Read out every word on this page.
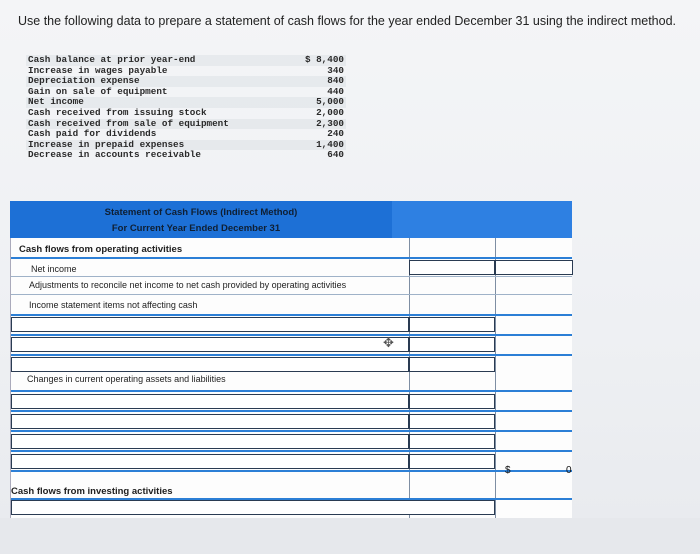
Use the following data to prepare a statement of cash flows for the year ended December 31 using the indirect method.
Cash balance at prior year-end	$ 8,400
Increase in wages payable	340
Depreciation expense	840
Gain on sale of equipment	440
Net income	5,000
Cash received from issuing stock	2,000
Cash received from sale of equipment	2,300
Cash paid for dividends	240
Increase in prepaid expenses	1,400
Decrease in accounts receivable	640
Statement of Cash Flows (Indirect Method)
For Current Year Ended December 31
Cash flows from operating activities
Net income
Adjustments to reconcile net income to net cash provided by operating activities
Income statement items not affecting cash
✥
Changes in current operating assets and liabilities
$	0
Cash flows from investing activities
